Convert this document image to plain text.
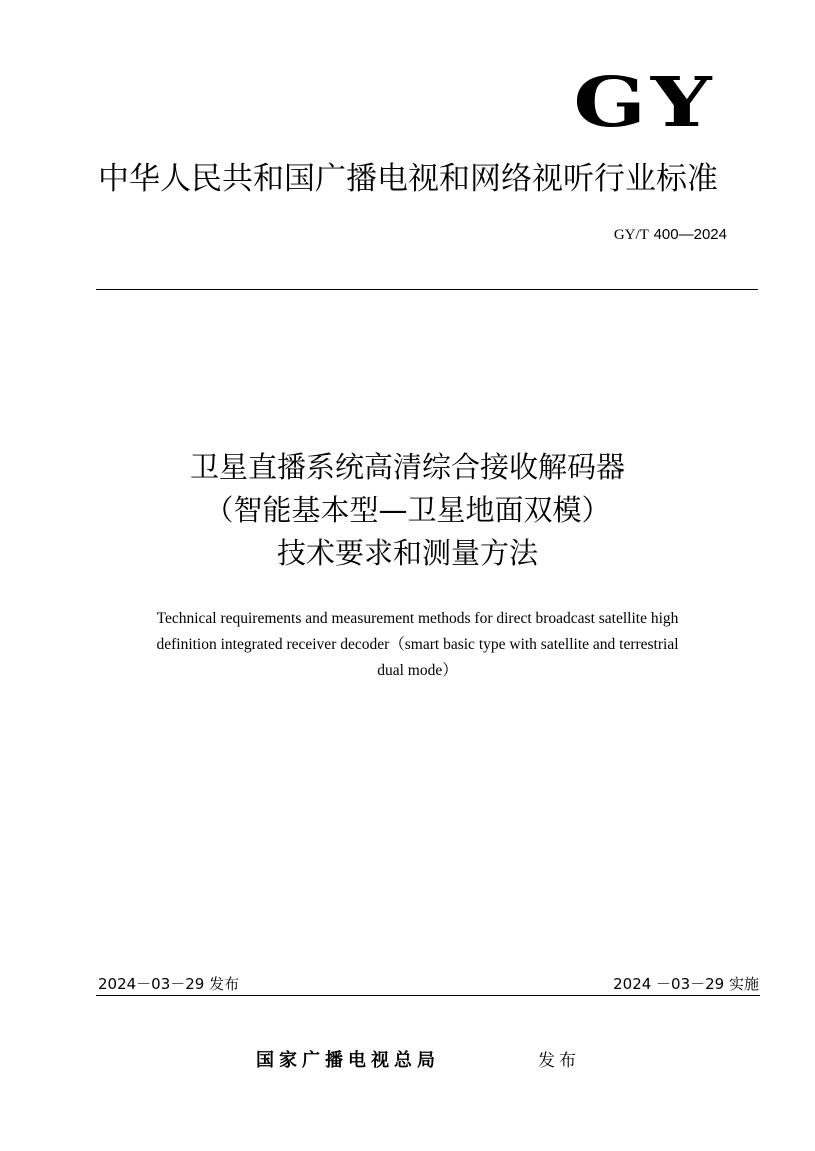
GY
中华人民共和国广播电视和网络视听行业标准
GY/T 400—2024
卫星直播系统高清综合接收解码器
（智能基本型—卫星地面双模）
技术要求和测量方法
Technical requirements and measurement methods for direct broadcast satellite high
definition integrated receiver decoder（smart basic type with satellite and terrestrial
dual mode）
2024－03－29 发布	2024 －03－29 实施
国家广播电视总局	发布
